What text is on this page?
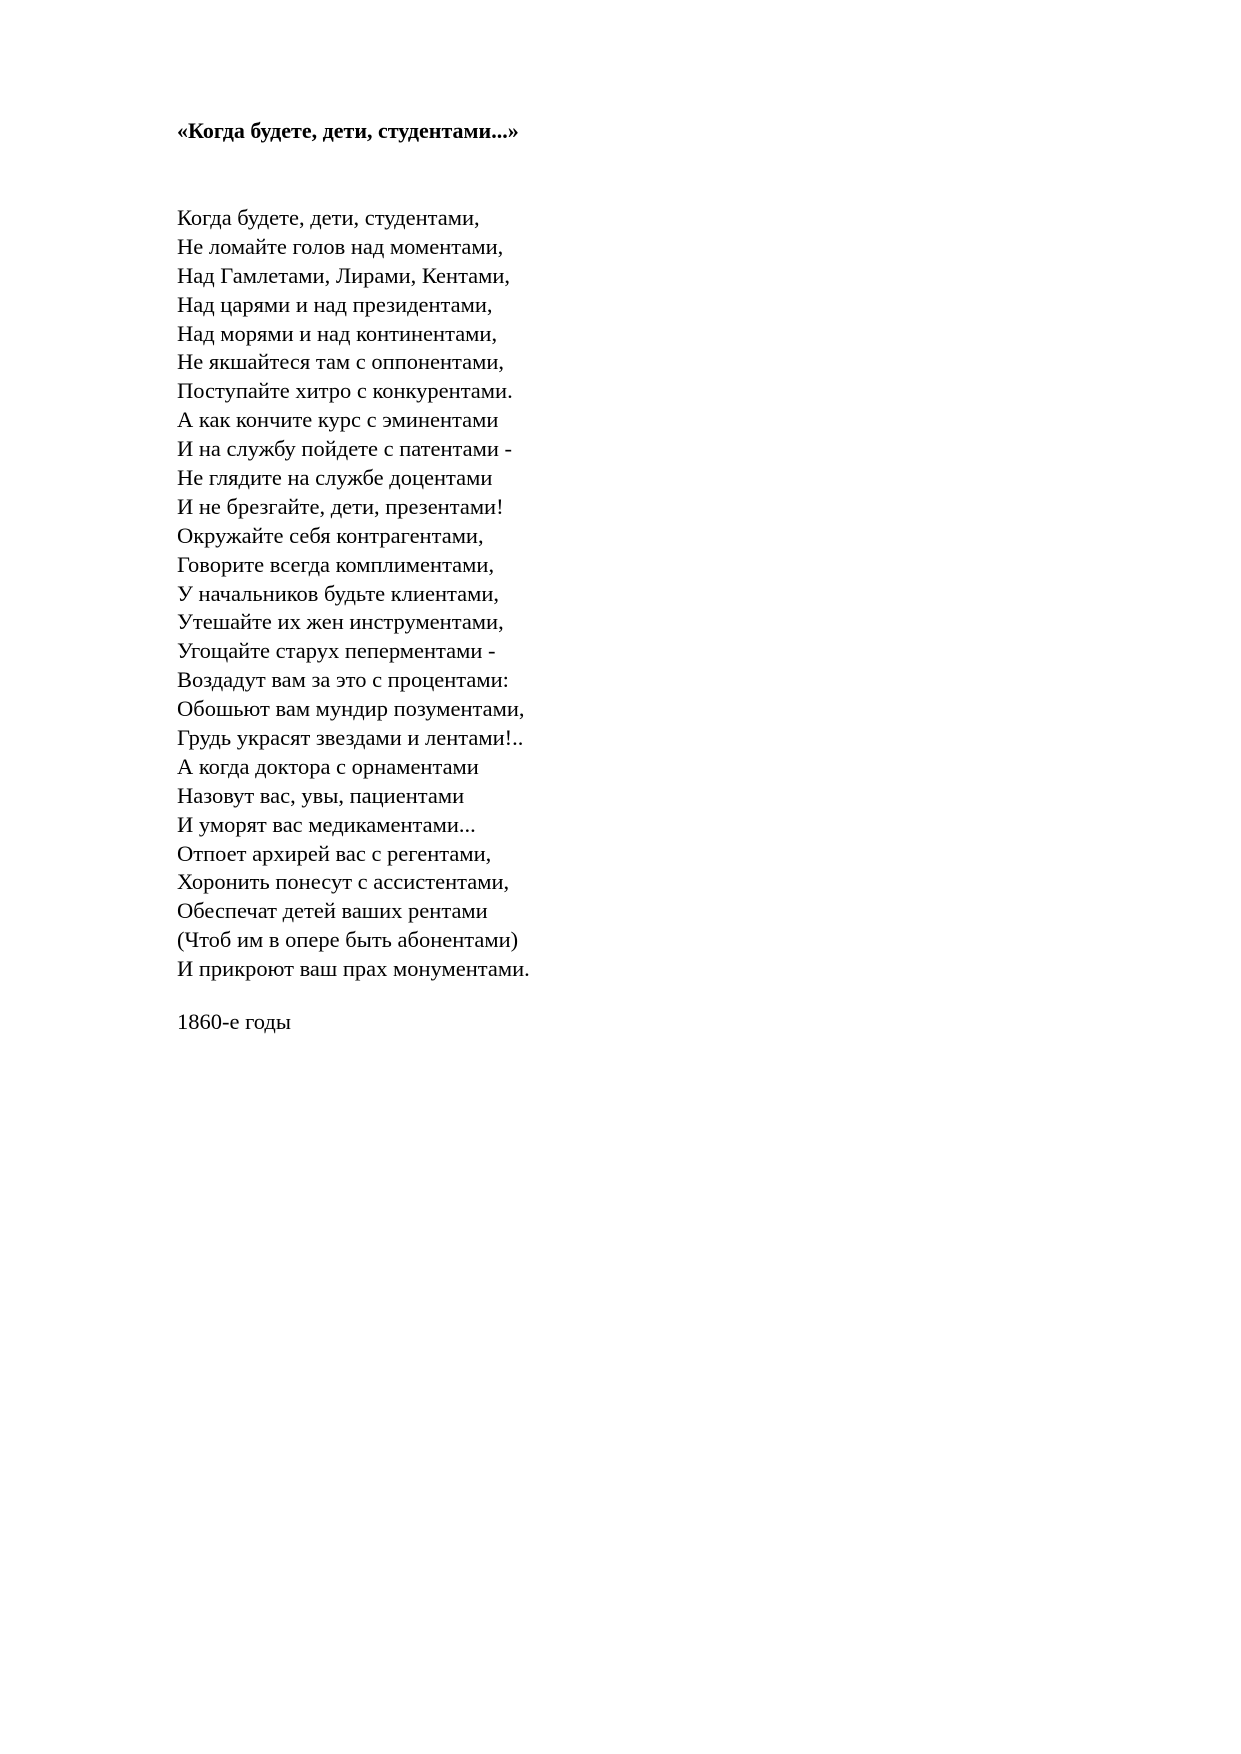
«Когда будете, дети, студентами...»
Когда будете, дети, студентами,
Не ломайте голов над моментами,
Над Гамлетами, Лирами, Кентами,
Над царями и над президентами,
Над морями и над континентами,
Не якшайтеся там с оппонентами,
Поступайте хитро с конкурентами.
А как кончите курс с эминентами
И на службу пойдете с патентами -
Не глядите на службе доцентами
И не брезгайте, дети, презентами!
Окружайте себя контрагентами,
Говорите всегда комплиментами,
У начальников будьте клиентами,
Утешайте их жен инструментами,
Угощайте старух пеперментами -
Воздадут вам за это с процентами:
Обошьют вам мундир позументами,
Грудь украсят звездами и лентами!..
А когда доктора с орнаментами
Назовут вас, увы, пациентами
И уморят вас медикаментами...
Отпоет архирей вас с регентами,
Хоронить понесут с ассистентами,
Обеспечат детей ваших рентами
(Чтоб им в опере быть абонентами)
И прикроют ваш прах монументами.

1860-е годы
